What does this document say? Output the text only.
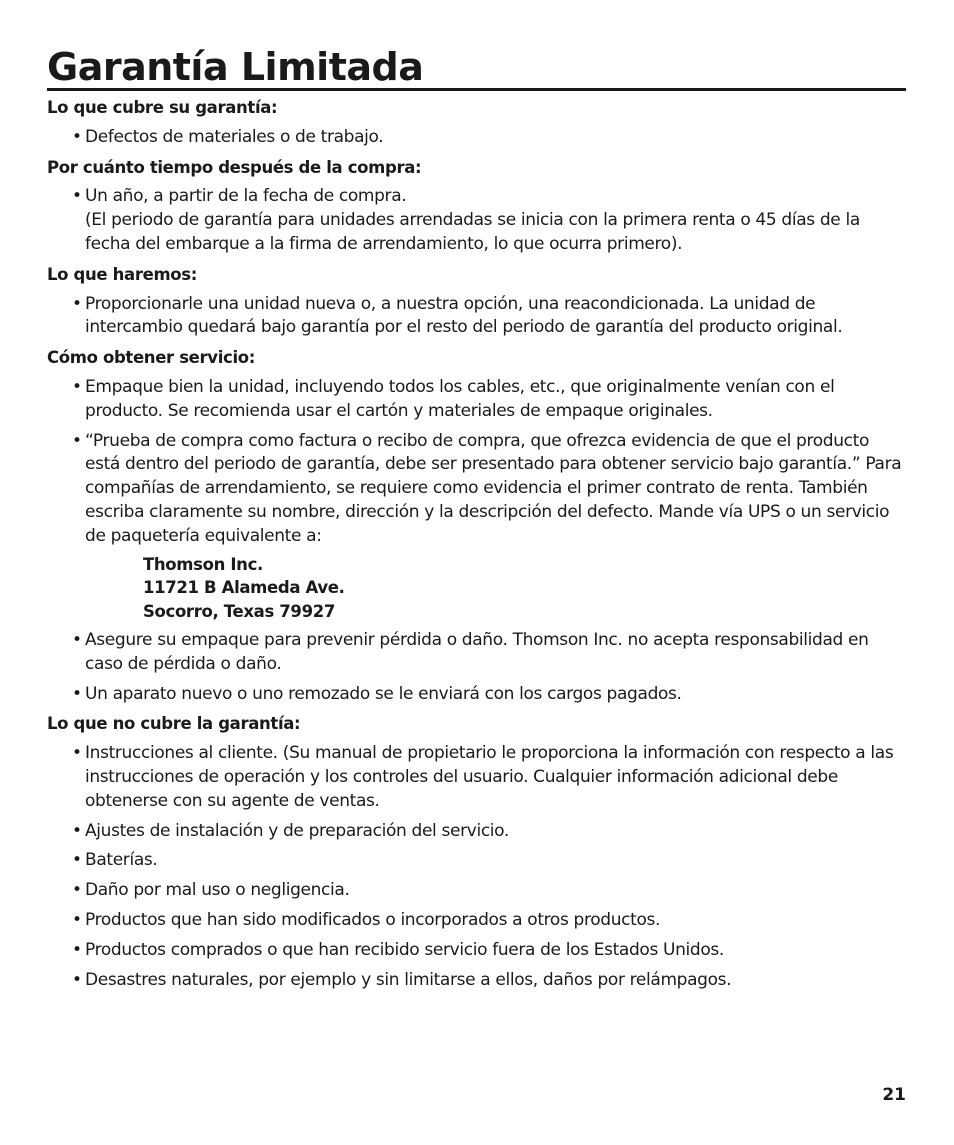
Garantía Limitada
Lo que cubre su garantía:
• Defectos de materiales o de trabajo.
Por cuánto tiempo después de la compra:
• Un año, a partir de la fecha de compra.
(El periodo de garantía para unidades arrendadas se inicia con la primera renta o 45 días de la fecha del embarque a la firma de arrendamiento, lo que ocurra primero).
Lo que haremos:
• Proporcionarle una unidad nueva o, a nuestra opción, una reacondicionada. La unidad de intercambio quedará bajo garantía por el resto del periodo de garantía del producto original.
Cómo obtener servicio:
• Empaque bien la unidad, incluyendo todos los cables, etc., que originalmente venían con el producto. Se recomienda usar el cartón y materiales de empaque originales.
• “Prueba de compra como factura o recibo de compra, que ofrezca evidencia de que el producto está dentro del periodo de garantía, debe ser presentado para obtener servicio bajo garantía.” Para compañías de arrendamiento, se requiere como evidencia el primer contrato de renta. También escriba claramente su nombre, dirección y la descripción del defecto. Mande vía UPS o un servicio de paquetería equivalente a:
Thomson Inc.
11721 B Alameda Ave.
Socorro, Texas 79927
• Asegure su empaque para prevenir pérdida o daño. Thomson Inc. no acepta responsabilidad en caso de pérdida o daño.
• Un aparato nuevo o uno remozado se le enviará con los cargos pagados.
Lo que no cubre la garantía:
• Instrucciones al cliente. (Su manual de propietario le proporciona la información con respecto a las instrucciones de operación y los controles del usuario. Cualquier información adicional debe obtenerse con su agente de ventas.
• Ajustes de instalación y de preparación del servicio.
• Baterías.
• Daño por mal uso o negligencia.
• Productos que han sido modificados o incorporados a otros productos.
• Productos comprados o que han recibido servicio fuera de los Estados Unidos.
• Desastres naturales, por ejemplo y sin limitarse a ellos, daños por relámpagos.
21
